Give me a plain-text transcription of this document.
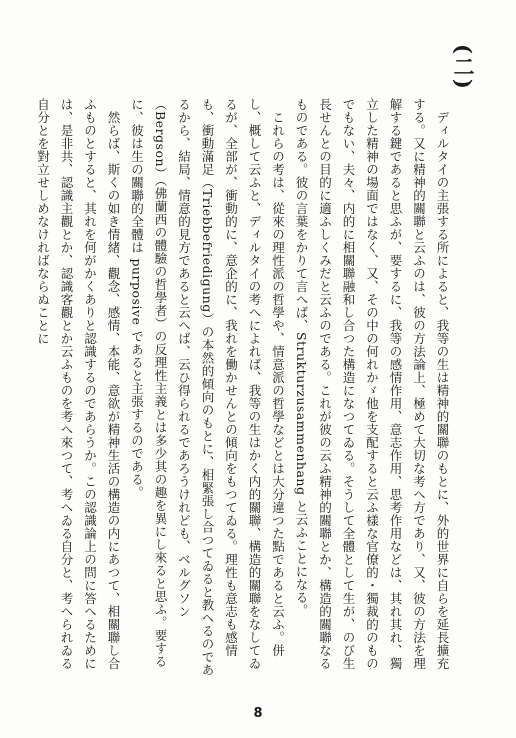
(二)

ディルタイの主張する所によると、我等の生は精神的關聯のもとに、外的世界に自らを延長擴充する。又に精神的關聯と云ふのは、彼の方法論上、極めて大切な考へ方であり、又、彼の方法を理解する鍵であると思ふが、要するに、我等の感情作用、意志作用、思考作用などは、其れ其れ、獨立した精神の場面ではなく、又、その中の何れかゞ他を支配すると云ふ樣な官僚的・獨裁的のものでもない、夫々、内的に相關聯融和し合つた構造になつてゐる。そうして全體として生が、のび生長せんとの目的に適ふしくみだと云ふのである。これが彼の云ふ精神的關聯とか、構造的關聯なるものである。彼の言葉をかりて言へば、Strukturzusammenhang と云ふことになる。

これらの考は、從來の理性派の哲學や、情意派の哲學などとは大分違つた點であると云ふ。併し、概して云ふと、ディルタイの考へによれば、我等の生はかく内的關聯、構造的關聯をなしてゐるが、全部が、衝動的に、意企的に、我れを働かせんとの傾向をもつてゐる。理性も意志も感情も、衝動滿足（Triebbefriedigung）の本然的傾向のもとに、相緊張し合つてゐると教へるのであるから、結局、情意的見方であると云へば、云ひ得られるであろうけれども、ベルグソン（Bergson）（佛蘭西の體驗の哲學者）の反理性主義とは多少其の趣を異にし來ると思ふ。要するに、彼は生の關聯的全體は purposive であると主張するのである。

然らば、斯くの如き情緒、觀念、感情、本能、意欲が精神生活の構造の内にあつて、相關聯し合ふものとすると、其れを何がかくありと認識するのであらうか。この認識論上の問に答へるためには、是非共、認識主觀とか、認識客觀とか云ふものを考へ來つて、考へゐる自分と、考へられゐる自分とを對立せしめなければならぬことに

8
